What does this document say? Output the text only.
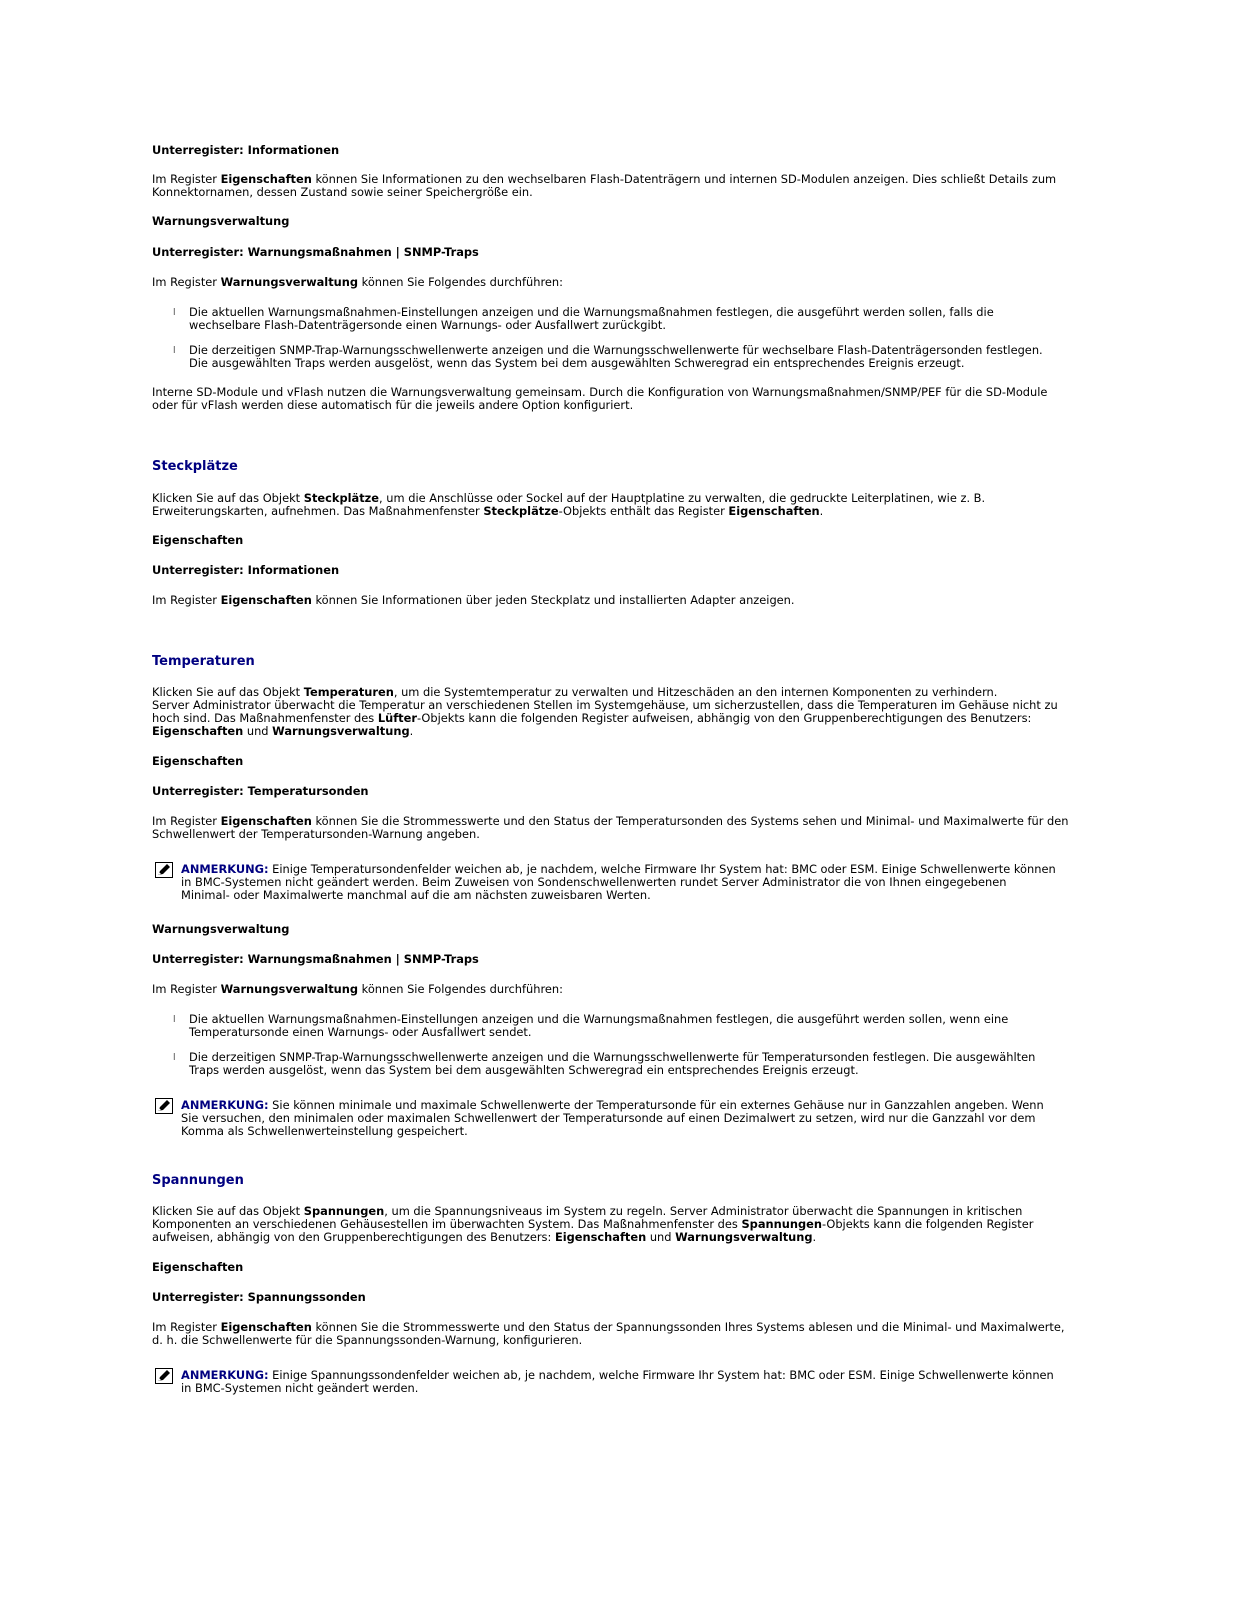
Unterregister: Informationen
Im Register Eigenschaften können Sie Informationen zu den wechselbaren Flash-Datenträgern und internen SD-Modulen anzeigen. Dies schließt Details zum
Konnektornamen, dessen Zustand sowie seiner Speichergröße ein.
Warnungsverwaltung
Unterregister: Warnungsmaßnahmen | SNMP-Traps
Im Register Warnungsverwaltung können Sie Folgendes durchführen:
l Die aktuellen Warnungsmaßnahmen-Einstellungen anzeigen und die Warnungsmaßnahmen festlegen, die ausgeführt werden sollen, falls die
wechselbare Flash-Datenträgersonde einen Warnungs- oder Ausfallwert zurückgibt.
l Die derzeitigen SNMP-Trap-Warnungsschwellenwerte anzeigen und die Warnungsschwellenwerte für wechselbare Flash-Datenträgersonden festlegen.
Die ausgewählten Traps werden ausgelöst, wenn das System bei dem ausgewählten Schweregrad ein entsprechendes Ereignis erzeugt.
Interne SD-Module und vFlash nutzen die Warnungsverwaltung gemeinsam. Durch die Konfiguration von Warnungsmaßnahmen/SNMP/PEF für die SD-Module
oder für vFlash werden diese automatisch für die jeweils andere Option konfiguriert.
Steckplätze
Klicken Sie auf das Objekt Steckplätze, um die Anschlüsse oder Sockel auf der Hauptplatine zu verwalten, die gedruckte Leiterplatinen, wie z. B.
Erweiterungskarten, aufnehmen. Das Maßnahmenfenster Steckplätze-Objekts enthält das Register Eigenschaften.
Eigenschaften
Unterregister: Informationen
Im Register Eigenschaften können Sie Informationen über jeden Steckplatz und installierten Adapter anzeigen.
Temperaturen
Klicken Sie auf das Objekt Temperaturen, um die Systemtemperatur zu verwalten und Hitzeschäden an den internen Komponenten zu verhindern.
Server Administrator überwacht die Temperatur an verschiedenen Stellen im Systemgehäuse, um sicherzustellen, dass die Temperaturen im Gehäuse nicht zu
hoch sind. Das Maßnahmenfenster des Lüfter-Objekts kann die folgenden Register aufweisen, abhängig von den Gruppenberechtigungen des Benutzers:
Eigenschaften und Warnungsverwaltung.
Eigenschaften
Unterregister: Temperatursonden
Im Register Eigenschaften können Sie die Strommesswerte und den Status der Temperatursonden des Systems sehen und Minimal- und Maximalwerte für den
Schwellenwert der Temperatursonden-Warnung angeben.
ANMERKUNG: Einige Temperatursondenfelder weichen ab, je nachdem, welche Firmware Ihr System hat: BMC oder ESM. Einige Schwellenwerte können
in BMC-Systemen nicht geändert werden. Beim Zuweisen von Sondenschwellenwerten rundet Server Administrator die von Ihnen eingegebenen
Minimal- oder Maximalwerte manchmal auf die am nächsten zuweisbaren Werten.
Warnungsverwaltung
Unterregister: Warnungsmaßnahmen | SNMP-Traps
Im Register Warnungsverwaltung können Sie Folgendes durchführen:
l Die aktuellen Warnungsmaßnahmen-Einstellungen anzeigen und die Warnungsmaßnahmen festlegen, die ausgeführt werden sollen, wenn eine
Temperatursonde einen Warnungs- oder Ausfallwert sendet.
l Die derzeitigen SNMP-Trap-Warnungsschwellenwerte anzeigen und die Warnungsschwellenwerte für Temperatursonden festlegen. Die ausgewählten
Traps werden ausgelöst, wenn das System bei dem ausgewählten Schweregrad ein entsprechendes Ereignis erzeugt.
ANMERKUNG: Sie können minimale und maximale Schwellenwerte der Temperatursonde für ein externes Gehäuse nur in Ganzzahlen angeben. Wenn
Sie versuchen, den minimalen oder maximalen Schwellenwert der Temperatursonde auf einen Dezimalwert zu setzen, wird nur die Ganzzahl vor dem
Komma als Schwellenwerteinstellung gespeichert.
Spannungen
Klicken Sie auf das Objekt Spannungen, um die Spannungsniveaus im System zu regeln. Server Administrator überwacht die Spannungen in kritischen
Komponenten an verschiedenen Gehäusestellen im überwachten System. Das Maßnahmenfenster des Spannungen-Objekts kann die folgenden Register
aufweisen, abhängig von den Gruppenberechtigungen des Benutzers: Eigenschaften und Warnungsverwaltung.
Eigenschaften
Unterregister: Spannungssonden
Im Register Eigenschaften können Sie die Strommesswerte und den Status der Spannungssonden Ihres Systems ablesen und die Minimal- und Maximalwerte,
d. h. die Schwellenwerte für die Spannungssonden-Warnung, konfigurieren.
ANMERKUNG: Einige Spannungssondenfelder weichen ab, je nachdem, welche Firmware Ihr System hat: BMC oder ESM. Einige Schwellenwerte können
in BMC-Systemen nicht geändert werden.
